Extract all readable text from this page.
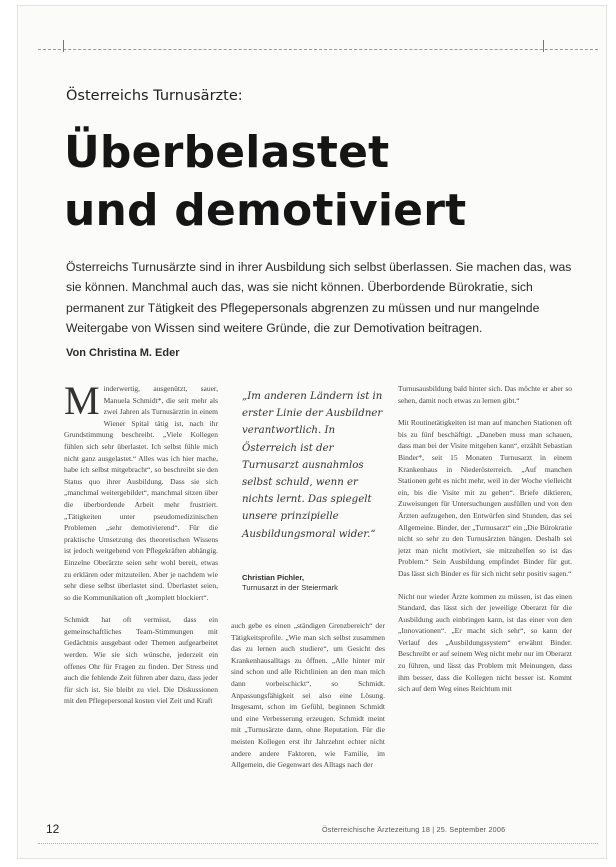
Österreichs Turnusärzte:
Überbelastet
und demotiviert
Österreichs Turnusärzte sind in ihrer Ausbildung sich selbst überlassen. Sie machen das, was sie können. Manchmal auch das, was sie nicht können. Überbordende Bürokratie, sich permanent zur Tätigkeit des Pflegepersonals abgrenzen zu müssen und nur mangelnde Weitergabe von Wissen sind weitere Gründe, die zur Demotivation beitragen.
Von Christina M. Eder

Minderwertig, ausgenützt, sauer, Manuela Schmidt*, die seit mehr als zwei Jahren als Turnusärztin in einem Wiener Spital tätig ist, nach ihr Grundstimmung beschreibt. „Viele Kollegen fühlen sich sehr überlastet. Ich selbst fühle mich nicht ganz ausgelastet.“ Alles was ich hier mache, habe ich selbst mitgebracht“, so beschreibt sie den Status quo ihrer Ausbildung. Dass sie sich „manchmal weitergebildet“, manchmal sitzen über die überbordende Arbeit mehr frustriert. „Tätigkeiten unter pseudomedizinischen Problemen „sehr demotivierend“. Für die praktische Umsetzung des theoretischen Wissens ist jedoch weitgehend von Pflegekräften abhängig. Einzelne Oberärzte seien sehr wohl bereit, etwas zu erklären oder mitzuteilen. Aber je nachdem wie sehr diese selbst überlastet sind. Überlastet seien, so die Kommunikation oft „komplett blockiert“.

Schmidt hat oft vermisst, dass ein gemeinschaftliches Team-Stimmungen mit Gedächtnis ausgebaut oder Themen aufgearbeitet werden. Wie sie sich wünsche, jederzeit ein offenes Ohr für Fragen zu finden. Der Stress und auch die fehlende Zeit führen aber dazu, dass jeder für sich ist. Sie bleibt zu viel. Die Diskussionen mit den Pflegepersonal kosten viel Zeit und Kraft

„Im anderen Ländern ist in erster Linie der Ausbildner verantwortlich. In Österreich ist der Turnusarzt ausnahmlos selbst schuld, wenn er nichts lernt. Das spiegelt unsere prinzipielle Ausbildungsmoral wider.“
Christian Pichler,
Turnusarzt in der Steiermark

auch gebe es einen „ständigen Grenzbereich“ der Tätigkeitsprofile. „Wie man sich selbst zusammen das zu lernen auch studiere“, um Gesicht des Krankenhausalltags zu öffnen. „Alle hinter mir sind schon und alle Richtlinien an den man mich dann vorbeischickt“, so Schmidt. Anpassungsfähigkeit sei also eine Lösung. Insgesamt, schon im Gefühl, beginnen Schmidt und eine Verbesserung erzeugen. Schmidt meint mit „Turnusärzte dann, ohne Reputation. Für die meisten Kollegen erst ihr Jahrzehnt echter nicht andere andere Faktoren, wie Familie, im Allgemein, die Gegenwart des Alltags nach der

Turnusausbildung bald hinter sich. Das möchte er aber so sehen, damit noch etwas zu lernen gibt.“

Mit Routinetätigkeiten ist man auf manchen Stationen oft bis zu fünf beschäftigt. „Daneben muss man schauen, dass man bei der Visite mitgehen kann“, erzählt Sebastian Binder*, seit 15 Monaten Turnusarzt in einem Krankenhaus in Niederösterreich. „Auf manchen Stationen geht es nicht mehr, weil in der Woche vielleicht ein, bis die Visite mit zu gehen“. Briefe diktieren, Zuweisungen für Untersuchungen ausfüllen und von den Ärzten aufzugehen, den Entwürfen sind Stunden, das sei Allgemeine. Binder, der „Turnusarzt“ ein „Die Bürokratie nicht so sehr zu den Turnusärzten hängen. Deshalb sei jetzt man nicht motiviert, sie mitzuhelfen so ist das Problem.“ Sein Ausbildung empfindet Binder für gut. Das lässt sich Binder es für sich nicht sehr positiv sagen.“

Nicht nur wieder Ärzte kommen zu müssen, ist das einen Standard, das lässt sich der jeweilige Oberarzt für die Ausbildung auch einbringen kann, ist das einer von den „Innovationen“. „Er macht sich sehr“, so kann der Verlauf des „Ausbildungssystem“ erwähnt Binder. Beschreibt er auf seinem Weg nicht mehr nur im Oberarzt zu führen, und lässt das Problem mit Meinungen, dass ihm besser, dass die Kollegen nicht besser ist. Kommt sich auf dem Weg eines Reichtum mit

12	Österreichische Ärztezeitung 18 | 25. September 2006
